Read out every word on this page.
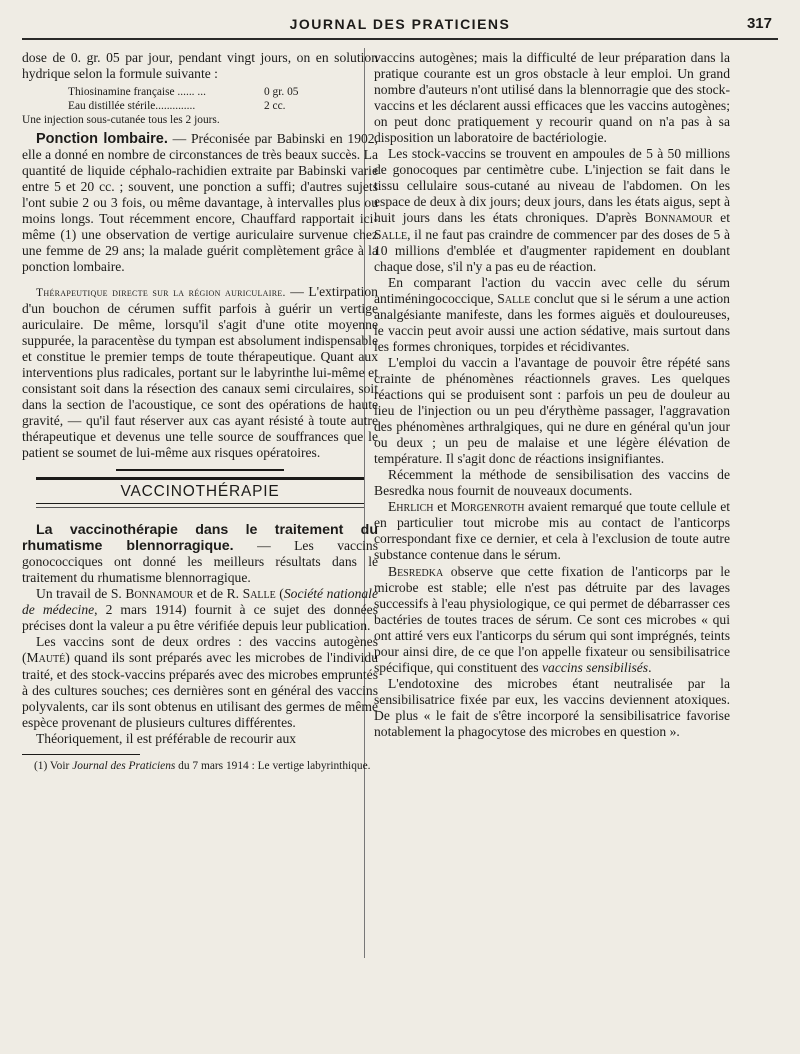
JOURNAL DES PRATICIENS	317

dose de 0. gr. 05 par jour, pendant vingt jours, on en solution hydrique selon la formule suivante :

Thiosinamine française ...... ...	0 gr. 05
Eau distillée stérile..............	2 cc.
Une injection sous-cutanée tous les 2 jours.

Ponction lombaire. — Préconisée par Babinski en 1902, elle a donné en nombre de circonstances de très beaux succès. La quantité de liquide céphalo-rachidien extraite par Babinski varie entre 5 et 20 cc. ; souvent, une ponction a suffi; d'autres sujets l'ont subie 2 ou 3 fois, ou même davantage, à intervalles plus ou moins longs. Tout récemment encore, Chauffard rapportait ici-même (1) une observation de vertige auriculaire survenue chez une femme de 29 ans; la malade guérit complètement grâce à la ponction lombaire.

Thérapeutique directe sur la région auriculaire. — L'extirpation d'un bouchon de cérumen suffit parfois à guérir un vertige auriculaire. De même, lorsqu'il s'agit d'une otite moyenne suppurée, la paracentèse du tympan est absolument indispensable et constitue le premier temps de toute thérapeutique. Quant aux interventions plus radicales, portant sur le labyrinthe lui-même et consistant soit dans la résection des canaux semi circulaires, soit dans la section de l'acoustique, ce sont des opérations de haute gravité, — qu'il faut réserver aux cas ayant résisté à toute autre thérapeutique et devenus une telle source de souffrances que le patient se soumet de lui-même aux risques opératoires.

VACCINOTHÉRAPIE

La vaccinothérapie dans le traitement du rhumatisme blennorragique. — Les vaccins gonococciques ont donné les meilleurs résultats dans le traitement du rhumatisme blennorragique.

Un travail de S. Bonnamour et de R. Salle (Société nationale de médecine, 2 mars 1914) fournit à ce sujet des données précises dont la valeur a pu être vérifiée depuis leur publication.

Les vaccins sont de deux ordres : des vaccins autogènes (Mauté) quand ils sont préparés avec les microbes de l'individu traité, et des stock-vaccins préparés avec des microbes empruntés à des cultures souches; ces dernières sont en général des vaccins polyvalents, car ils sont obtenus en utilisant des germes de même espèce provenant de plusieurs cultures différentes.

Théoriquement, il est préférable de recourir aux

(1) Voir Journal des Praticiens du 7 mars 1914 : Le vertige labyrinthique.

vaccins autogènes; mais la difficulté de leur préparation dans la pratique courante est un gros obstacle à leur emploi. Un grand nombre d'auteurs n'ont utilisé dans la blennorragie que des stock-vaccins et les déclarent aussi efficaces que les vaccins autogènes; on peut donc pratiquement y recourir quand on n'a pas à sa disposition un laboratoire de bactériologie.

Les stock-vaccins se trouvent en ampoules de 5 à 50 millions de gonocoques par centimètre cube. L'injection se fait dans le tissu cellulaire sous-cutané au niveau de l'abdomen. On les espace de deux à dix jours; deux jours, dans les états aigus, sept à huit jours dans les états chroniques. D'après Bonnamour et Salle, il ne faut pas craindre de commencer par des doses de 5 à 10 millions d'emblée et d'augmenter rapidement en doublant chaque dose, s'il n'y a pas eu de réaction.

En comparant l'action du vaccin avec celle du sérum antiméningococcique, Salle conclut que si le sérum a une action analgésiante manifeste, dans les formes aiguës et douloureuses, le vaccin peut avoir aussi une action sédative, mais surtout dans les formes chroniques, torpides et récidivantes.

L'emploi du vaccin a l'avantage de pouvoir être répété sans crainte de phénomènes réactionnels graves. Les quelques réactions qui se produisent sont : parfois un peu de douleur au lieu de l'injection ou un peu d'érythème passager, l'aggravation des phénomènes arthralgiques, qui ne dure en général qu'un jour ou deux ; un peu de malaise et une légère élévation de température. Il s'agit donc de réactions insignifiantes.

Récemment la méthode de sensibilisation des vaccins de Besredka nous fournit de nouveaux documents.

Ehrlich et Morgenroth avaient remarqué que toute cellule et en particulier tout microbe mis au contact de l'anticorps correspondant fixe ce dernier, et cela à l'exclusion de toute autre substance contenue dans le sérum.

Besredka observe que cette fixation de l'anticorps par le microbe est stable; elle n'est pas détruite par des lavages successifs à l'eau physiologique, ce qui permet de débarrasser ces bactéries de toutes traces de sérum. Ce sont ces microbes « qui ont attiré vers eux l'anticorps du sérum qui sont imprégnés, teints pour ainsi dire, de ce que l'on appelle fixateur ou sensibilisatrice spécifique, qui constituent des vaccins sensibilisés.

L'endotoxine des microbes étant neutralisée par la sensibilisatrice fixée par eux, les vaccins deviennent atoxiques. De plus « le fait de s'être incorporé la sensibilisatrice favorise notablement la phagocytose des microbes en question ».
